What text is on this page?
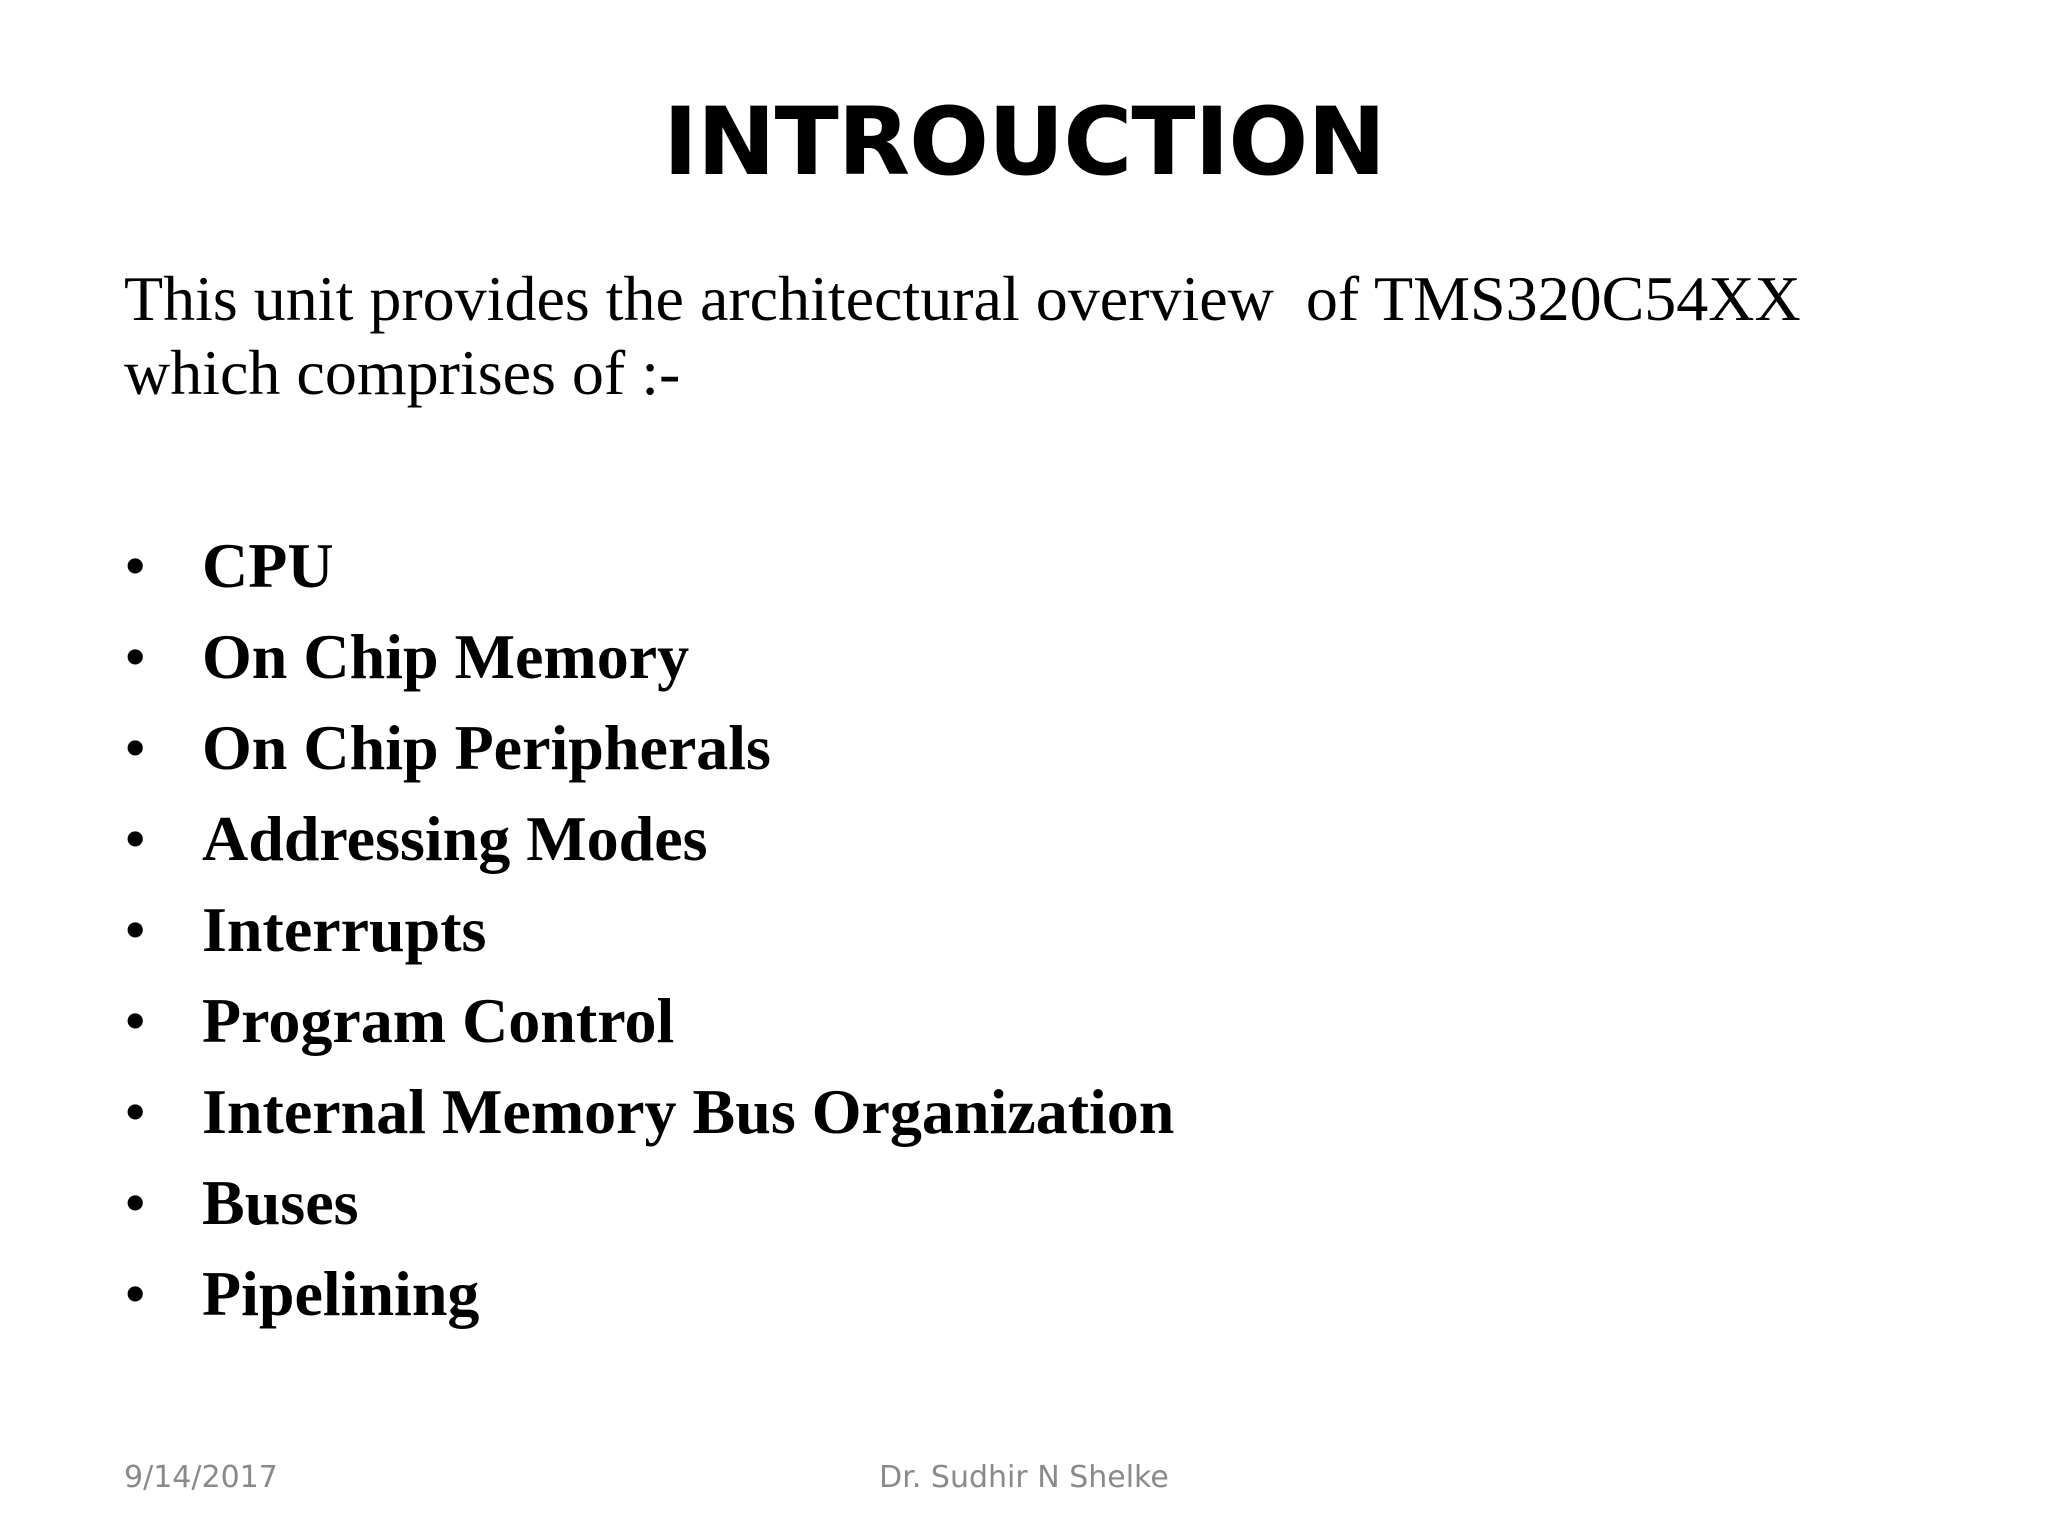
INTROUCTION

This unit provides the architectural overview  of TMS320C54XX
which comprises of :-

• CPU
• On Chip Memory
• On Chip Peripherals
• Addressing Modes
• Interrupts
• Program Control
• Internal Memory Bus Organization
• Buses
• Pipelining
9/14/2017	Dr. Sudhir N Shelke
